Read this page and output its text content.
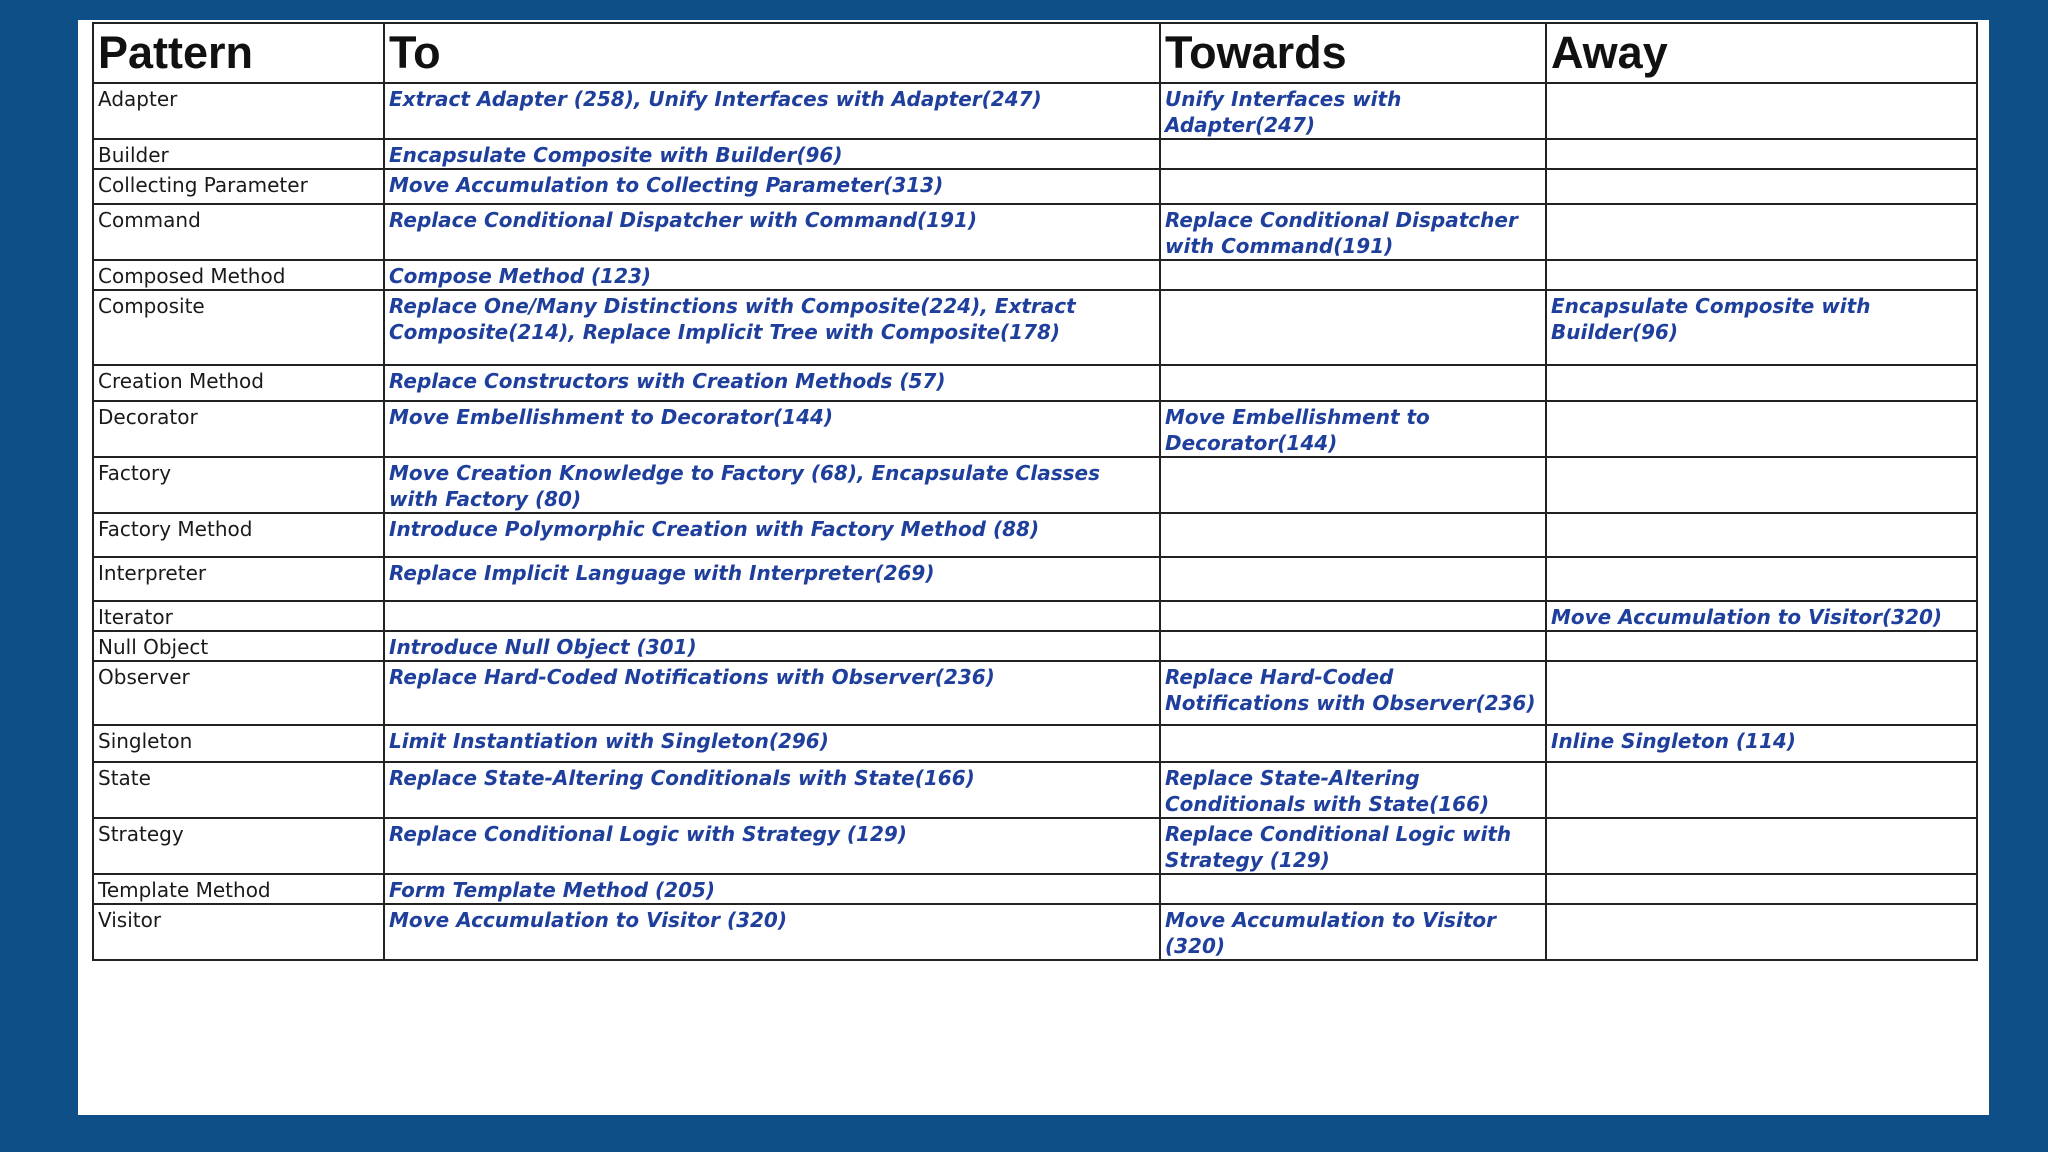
Pattern	To	Towards	Away
Adapter	Extract Adapter (258), Unify Interfaces with Adapter(247)	Unify Interfaces with Adapter(247)	
Builder	Encapsulate Composite with Builder(96)		
Collecting Parameter	Move Accumulation to Collecting Parameter(313)		
Command	Replace Conditional Dispatcher with Command(191)	Replace Conditional Dispatcher with Command(191)	
Composed Method	Compose Method (123)		
Composite	Replace One/Many Distinctions with Composite(224), Extract Composite(214), Replace Implicit Tree with Composite(178)		Encapsulate Composite with Builder(96)
Creation Method	Replace Constructors with Creation Methods (57)		
Decorator	Move Embellishment to Decorator(144)	Move Embellishment to Decorator(144)	
Factory	Move Creation Knowledge to Factory (68), Encapsulate Classes with Factory (80)		
Factory Method	Introduce Polymorphic Creation with Factory Method (88)		
Interpreter	Replace Implicit Language with Interpreter(269)		
Iterator			Move Accumulation to Visitor(320)
Null Object	Introduce Null Object (301)		
Observer	Replace Hard-Coded Notifications with Observer(236)	Replace Hard-Coded Notifications with Observer(236)	
Singleton	Limit Instantiation with Singleton(296)		Inline Singleton (114)
State	Replace State-Altering Conditionals with State(166)	Replace State-Altering Conditionals with State(166)	
Strategy	Replace Conditional Logic with Strategy (129)	Replace Conditional Logic with Strategy (129)	
Template Method	Form Template Method (205)		
Visitor	Move Accumulation to Visitor (320)	Move Accumulation to Visitor (320)	
